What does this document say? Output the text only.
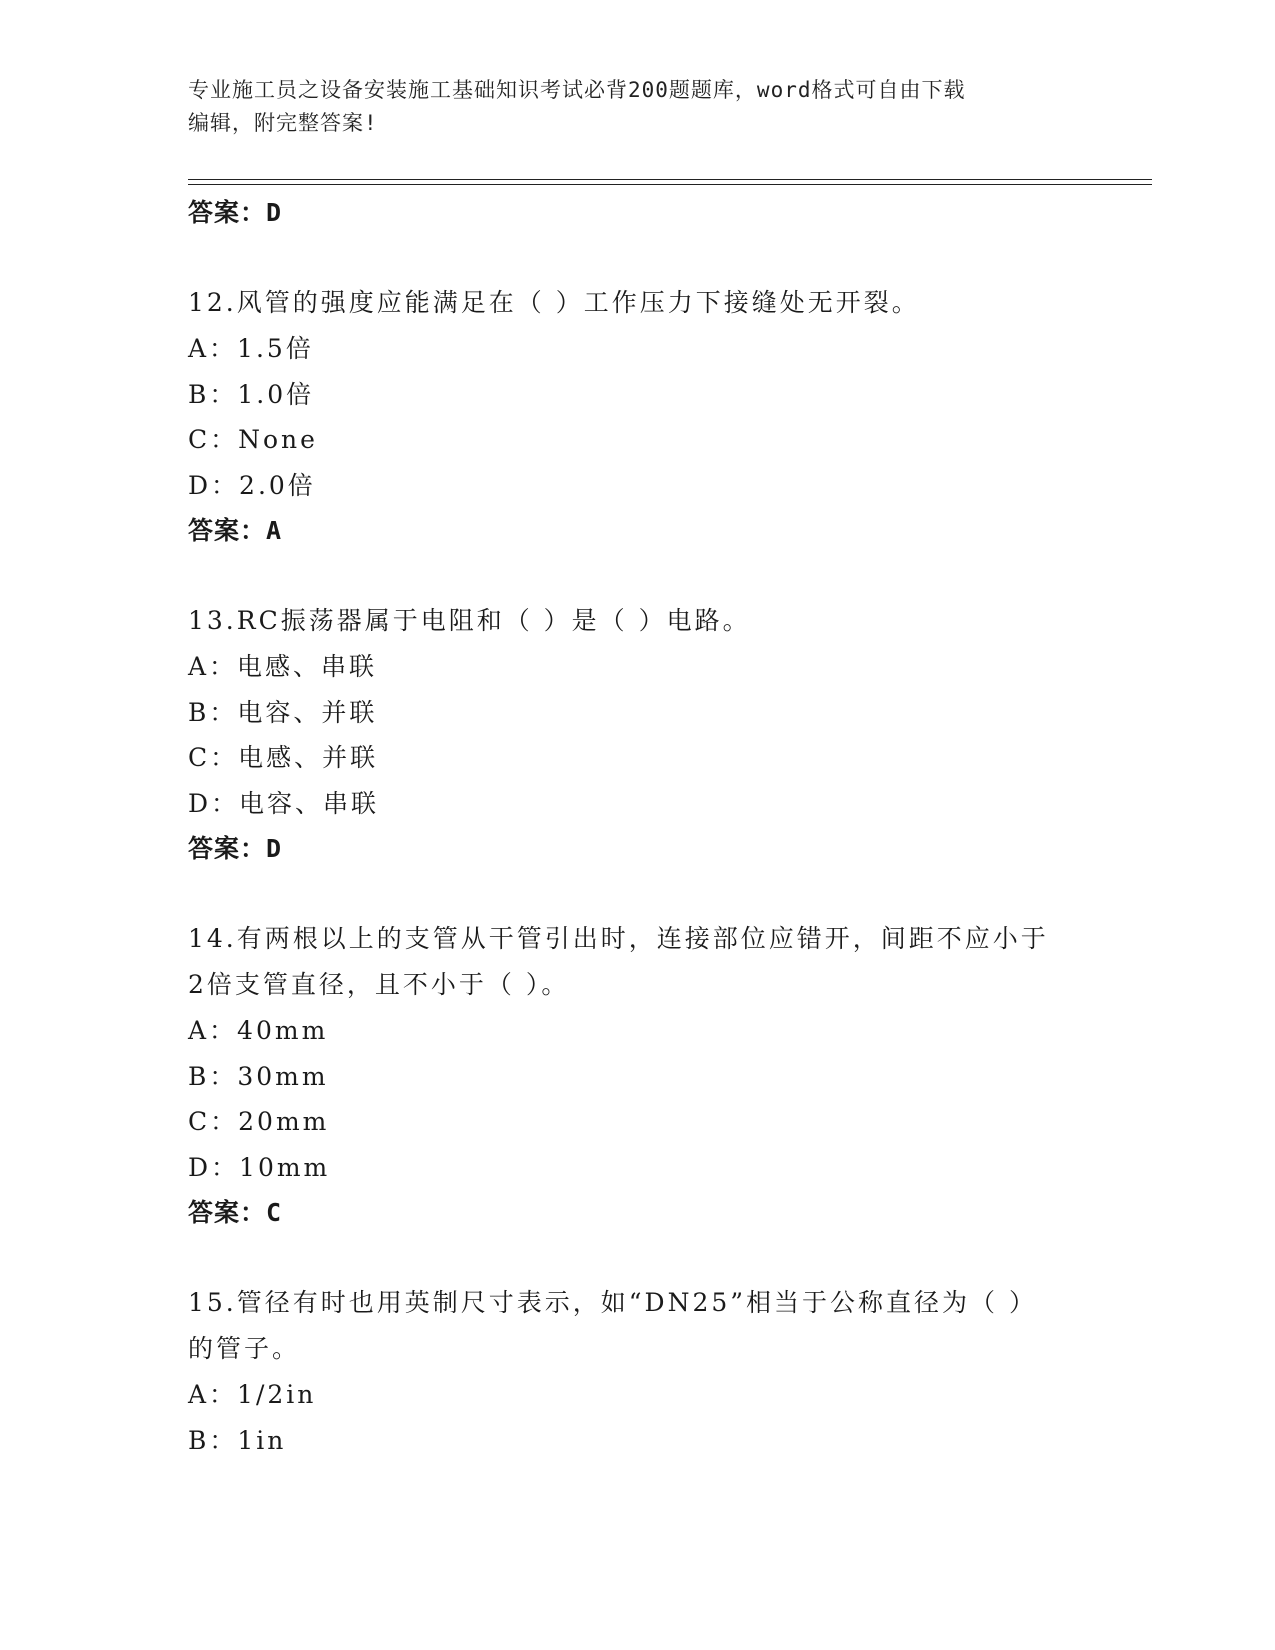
专业施工员之设备安装施工基础知识考试必背200题题库，word格式可自由下载
编辑，附完整答案!
答案：D
12.风管的强度应能满足在（ ）工作压力下接缝处无开裂。
A：1.5倍
B：1.0倍
C：None
D：2.0倍
答案：A
13.RC振荡器属于电阻和（ ）是（ ）电路。
A：电感、串联
B：电容、并联
C：电感、并联
D：电容、串联
答案：D
14.有两根以上的支管从干管引出时，连接部位应错开，间距不应小于
2倍支管直径，且不小于（ ）。
A：40mm
B：30mm
C：20mm
D：10mm
答案：C
15.管径有时也用英制尺寸表示，如“DN25”相当于公称直径为（ ）
的管子。
A：1/2in
B：1in
